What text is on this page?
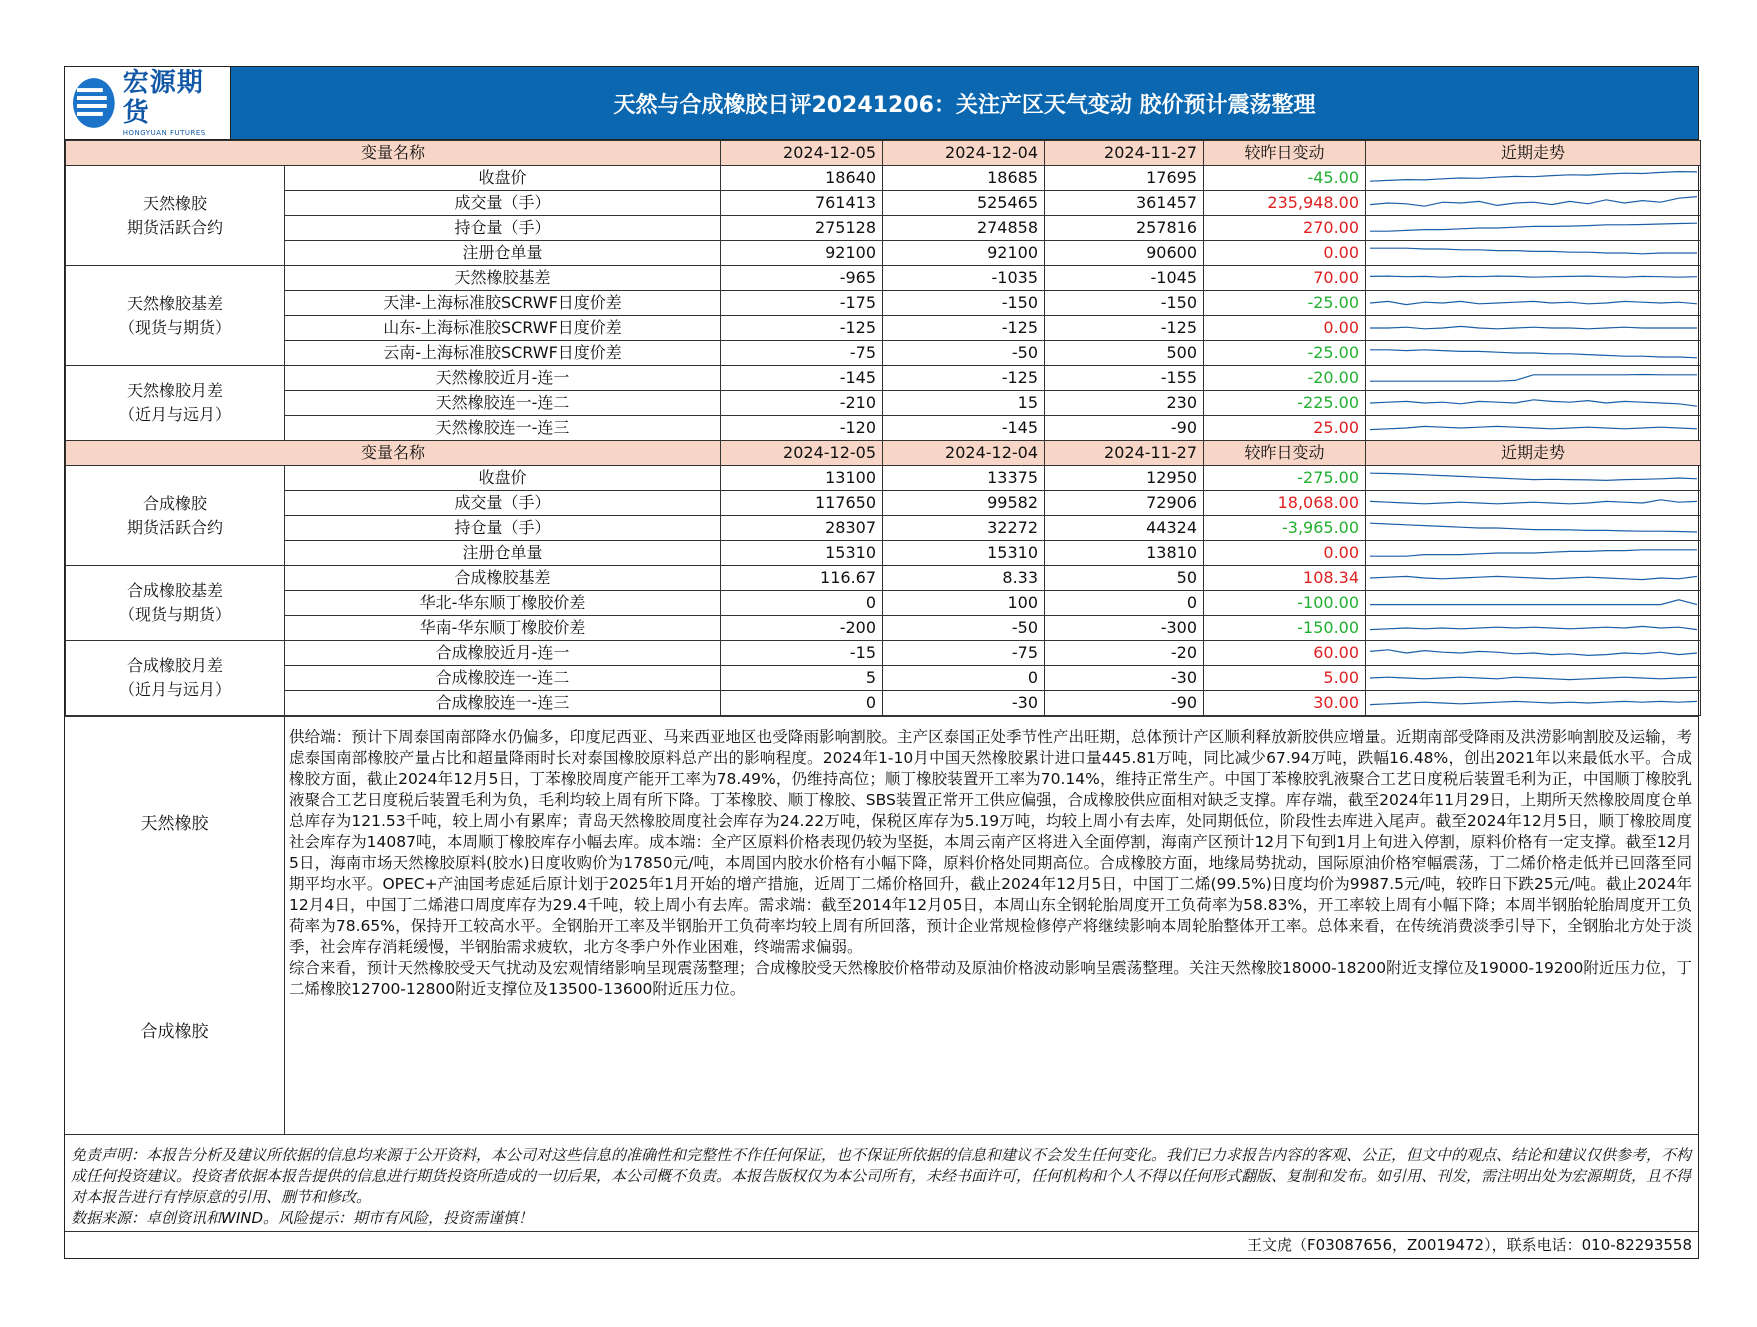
宏源期货
HONGYUAN FUTURES
天然与合成橡胶日评20241206：关注产区天气变动 胶价预计震荡整理
变量名称		2024-12-05	2024-12-04	2024-11-27	较昨日变动	近期走势
天然橡胶
期货活跃合约	收盘价	18640	18685	17695	-45.00	

	成交量（手）	761413	525465	361457	235,948.00	

	持仓量（手）	275128	274858	257816	270.00	

	注册仓单量	92100	92100	90600	0.00	

天然橡胶基差
（现货与期货）	天然橡胶基差	-965	-1035	-1045	70.00	

	天津-上海标准胶SCRWF日度价差	-175	-150	-150	-25.00	

	山东-上海标准胶SCRWF日度价差	-125	-125	-125	0.00	

	云南-上海标准胶SCRWF日度价差	-75	-50	500	-25.00	

天然橡胶月差
（近月与远月）	天然橡胶近月-连一	-145	-125	-155	-20.00	

	天然橡胶连一-连二	-210	15	230	-225.00	

	天然橡胶连一-连三	-120	-145	-90	25.00	

变量名称		2024-12-05	2024-12-04	2024-11-27	较昨日变动	近期走势
合成橡胶
期货活跃合约	收盘价	13100	13375	12950	-275.00	

	成交量（手）	117650	99582	72906	18,068.00	

	持仓量（手）	28307	32272	44324	-3,965.00	

	注册仓单量	15310	15310	13810	0.00	

合成橡胶基差
（现货与期货）	合成橡胶基差	116.67	8.33	50	108.34	

	华北-华东顺丁橡胶价差	0	100	0	-100.00	

	华南-华东顺丁橡胶价差	-200	-50	-300	-150.00	

合成橡胶月差
（近月与远月）	合成橡胶近月-连一	-15	-75	-20	60.00	

	合成橡胶连一-连二	5	0	-30	5.00	

	合成橡胶连一-连三	0	-30	-90	30.00	
天然橡胶
合成橡胶
供给端：预计下周泰国南部降水仍偏多，印度尼西亚、马来西亚地区也受降雨影响割胶。主产区泰国正处季节性产出旺期，总体预计产区顺利释放新胶供应增量。近期南部受降雨及洪涝影响割胶及运输，考虑泰国南部橡胶产量占比和超量降雨时长对泰国橡胶原料总产出的影响程度。2024年1-10月中国天然橡胶累计进口量445.81万吨，同比减少67.94万吨，跌幅16.48%，创出2021年以来最低水平。合成橡胶方面，截止2024年12月5日，丁苯橡胶周度产能开工率为78.49%，仍维持高位；顺丁橡胶装置开工率为70.14%，维持正常生产。中国丁苯橡胶乳液聚合工艺日度税后装置毛利为正，中国顺丁橡胶乳液聚合工艺日度税后装置毛利为负，毛利均较上周有所下降。丁苯橡胶、顺丁橡胶、SBS装置正常开工供应偏强，合成橡胶供应面相对缺乏支撑。库存端，截至2024年11月29日，上期所天然橡胶周度仓单总库存为121.53千吨，较上周小有累库；青岛天然橡胶周度社会库存为24.22万吨，保税区库存为5.19万吨，均较上周小有去库，处同期低位，阶段性去库进入尾声。截至2024年12月5日，顺丁橡胶周度社会库存为14087吨，本周顺丁橡胶库存小幅去库。成本端：全产区原料价格表现仍较为坚挺，本周云南产区将进入全面停割，海南产区预计12月下旬到1月上旬进入停割，原料价格有一定支撑。截至12月5日，海南市场天然橡胶原料(胶水)日度收购价为17850元/吨，本周国内胶水价格有小幅下降，原料价格处同期高位。合成橡胶方面，地缘局势扰动，国际原油价格窄幅震荡，丁二烯价格走低并已回落至同期平均水平。OPEC+产油国考虑延后原计划于2025年1月开始的增产措施，近周丁二烯价格回升，截止2024年12月5日，中国丁二烯(99.5%)日度均价为9987.5元/吨，较昨日下跌25元/吨。截止2024年12月4日，中国丁二烯港口周度库存为29.4千吨，较上周小有去库。需求端：截至2014年12月05日，本周山东全钢轮胎周度开工负荷率为58.83%，开工率较上周有小幅下降；本周半钢胎轮胎周度开工负荷率为78.65%，保持开工较高水平。全钢胎开工率及半钢胎开工负荷率均较上周有所回落，预计企业常规检修停产将继续影响本周轮胎整体开工率。总体来看，在传统消费淡季引导下，全钢胎北方处于淡季，社会库存消耗缓慢，半钢胎需求疲软，北方冬季户外作业困难，终端需求偏弱。
综合来看，预计天然橡胶受天气扰动及宏观情绪影响呈现震荡整理；合成橡胶受天然橡胶价格带动及原油价格波动影响呈震荡整理。关注天然橡胶18000-18200附近支撑位及19000-19200附近压力位，丁二烯橡胶12700-12800附近支撑位及13500-13600附近压力位。
免责声明：本报告分析及建议所依据的信息均来源于公开资料，本公司对这些信息的准确性和完整性不作任何保证，也不保证所依据的信息和建议不会发生任何变化。我们已力求报告内容的客观、公正，但文中的观点、结论和建议仅供参考，不构成任何投资建议。投资者依据本报告提供的信息进行期货投资所造成的一切后果，本公司概不负责。本报告版权仅为本公司所有，未经书面许可，任何机构和个人不得以任何形式翻版、复制和发布。如引用、刊发，需注明出处为宏源期货，且不得对本报告进行有悖原意的引用、删节和修改。
数据来源：卓创资讯和WIND。风险提示：期市有风险，投资需谨慎！
王文虎（F03087656，Z0019472），联系电话：010-82293558
